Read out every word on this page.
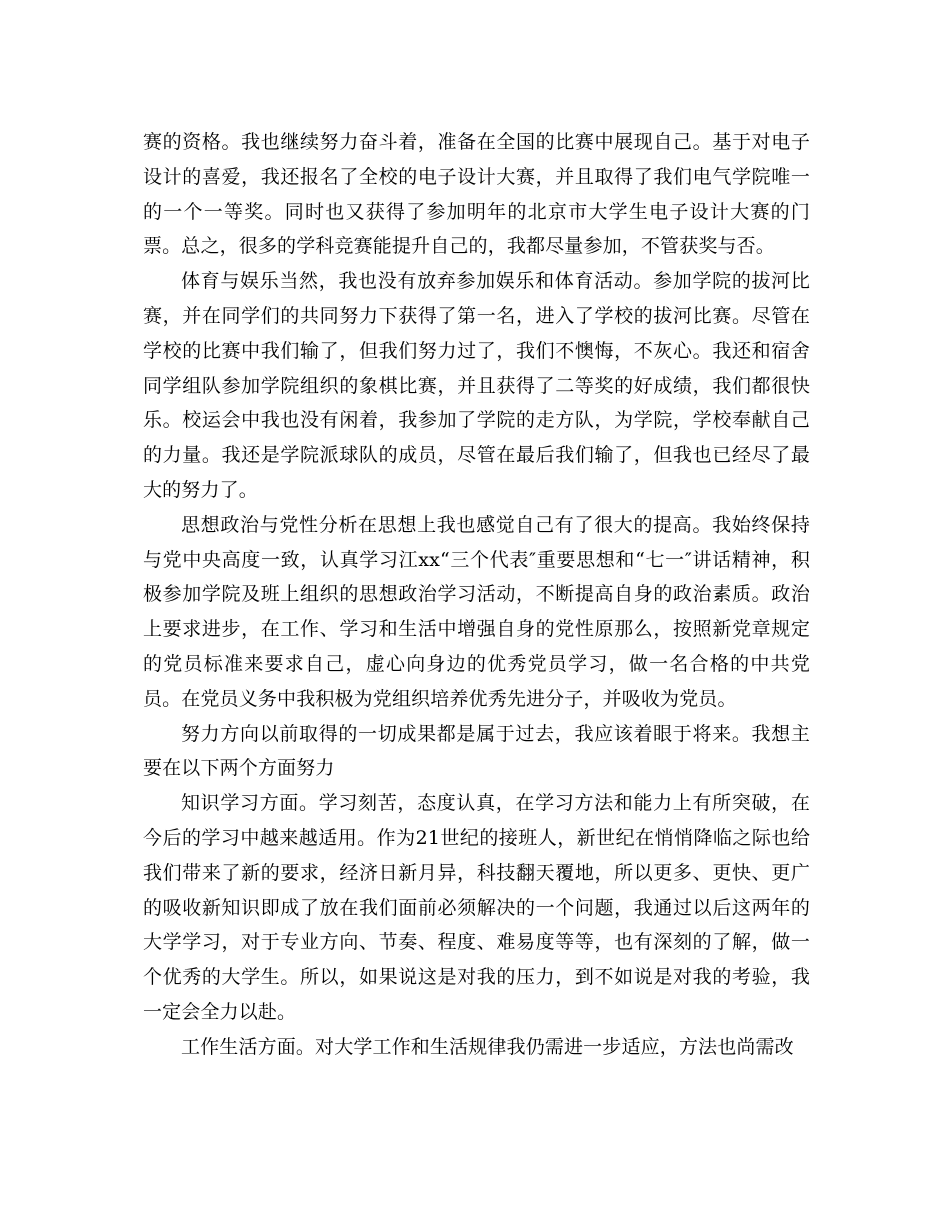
赛的资格。我也继续努力奋斗着，准备在全国的比赛中展现自己。基于对电子设计的喜爱，我还报名了全校的电子设计大赛，并且取得了我们电气学院唯一的一个一等奖。同时也又获得了参加明年的北京市大学生电子设计大赛的门票。总之，很多的学科竞赛能提升自己的，我都尽量参加，不管获奖与否。

体育与娱乐当然，我也没有放弃参加娱乐和体育活动。参加学院的拔河比赛，并在同学们的共同努力下获得了第一名，进入了学校的拔河比赛。尽管在学校的比赛中我们输了，但我们努力过了，我们不懊悔，不灰心。我还和宿舍同学组队参加学院组织的象棋比赛，并且获得了二等奖的好成绩，我们都很快乐。校运会中我也没有闲着，我参加了学院的走方队，为学院，学校奉献自己的力量。我还是学院派球队的成员，尽管在最后我们输了，但我也已经尽了最大的努力了。

思想政治与党性分析在思想上我也感觉自己有了很大的提高。我始终保持与党中央高度一致，认真学习江xx“三个代表″重要思想和“七一″讲话精神，积极参加学院及班上组织的思想政治学习活动，不断提高自身的政治素质。政治上要求进步，在工作、学习和生活中增强自身的党性原那么，按照新党章规定的党员标准来要求自己，虚心向身边的优秀党员学习，做一名合格的中共党员。在党员义务中我积极为党组织培养优秀先进分子，并吸收为党员。

努力方向以前取得的一切成果都是属于过去，我应该着眼于将来。我想主要在以下两个方面努力

知识学习方面。学习刻苦，态度认真，在学习方法和能力上有所突破，在今后的学习中越来越适用。作为21世纪的接班人，新世纪在悄悄降临之际也给我们带来了新的要求，经济日新月异，科技翻天覆地，所以更多、更快、更广的吸收新知识即成了放在我们面前必须解决的一个问题，我通过以后这两年的大学学习，对于专业方向、节奏、程度、难易度等等，也有深刻的了解，做一个优秀的大学生。所以，如果说这是对我的压力，到不如说是对我的考验，我一定会全力以赴。

工作生活方面。对大学工作和生活规律我仍需进一步适应，方法也尚需改
